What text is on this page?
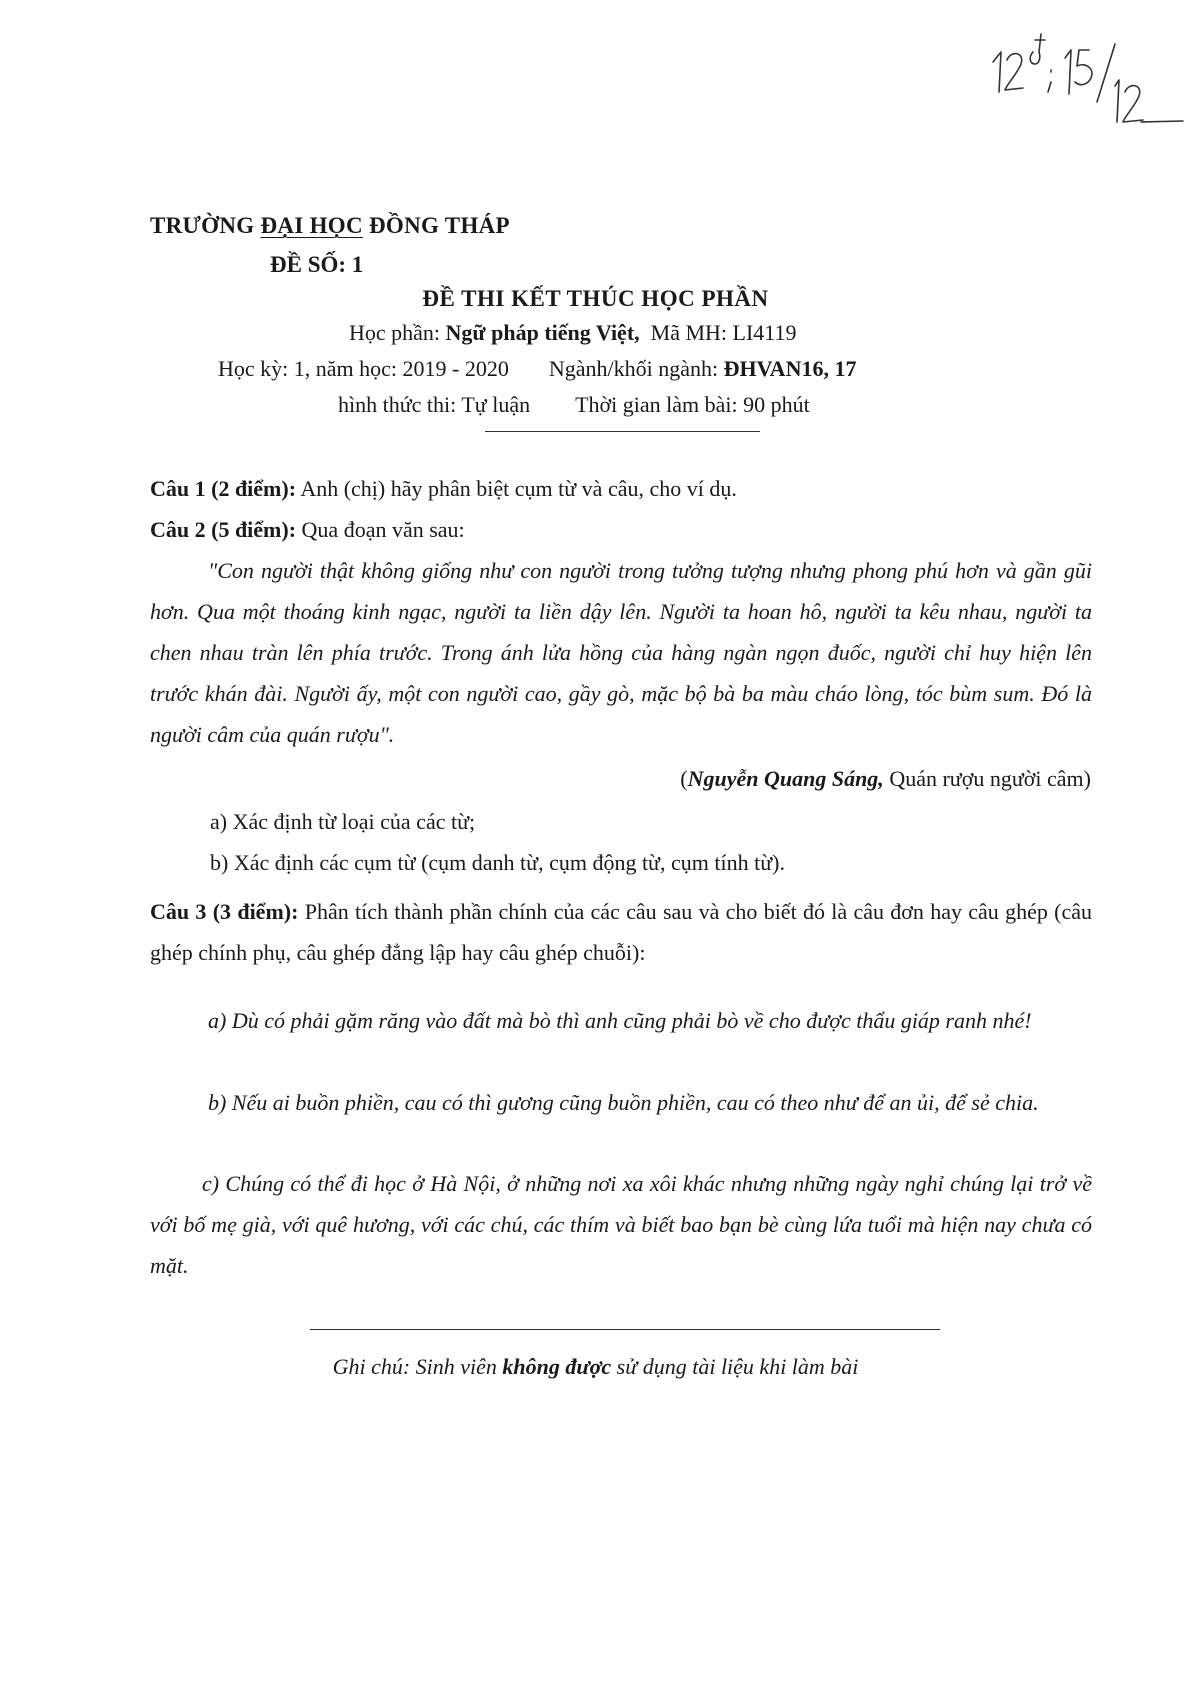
TRƯỜNG ĐẠI HỌC ĐỒNG THÁP
ĐỀ SỐ: 1
ĐỀ THI KẾT THÚC HỌC PHẦN
Học phần: Ngữ pháp tiếng Việt, Mã MH: LI4119
Học kỳ: 1, năm học: 2019 - 2020 Ngành/khối ngành: ĐHVAN16, 17
hình thức thi: Tự luận Thời gian làm bài: 90 phút
Câu 1 (2 điểm): Anh (chị) hãy phân biệt cụm từ và câu, cho ví dụ.
Câu 2 (5 điểm): Qua đoạn văn sau:
"Con người thật không giống như con người trong tưởng tượng nhưng phong phú hơn và gần gũi hơn. Qua một thoáng kinh ngạc, người ta liền dậy lên. Người ta hoan hô, người ta kêu nhau, người ta chen nhau tràn lên phía trước. Trong ánh lửa hồng của hàng ngàn ngọn đuốc, người chỉ huy hiện lên trước khán đài. Người ấy, một con người cao, gầy gò, mặc bộ bà ba màu cháo lòng, tóc bùm sum. Đó là người câm của quán rượu".
(Nguyễn Quang Sáng, Quán rượu người câm)
a) Xác định từ loại của các từ;
b) Xác định các cụm từ (cụm danh từ, cụm động từ, cụm tính từ).
Câu 3 (3 điểm): Phân tích thành phần chính của các câu sau và cho biết đó là câu đơn hay câu ghép (câu ghép chính phụ, câu ghép đẳng lập hay câu ghép chuỗi):
a) Dù có phải gặm răng vào đất mà bò thì anh cũng phải bò về cho được thẩu giáp ranh nhé!
b) Nếu ai buồn phiền, cau có thì gương cũng buồn phiền, cau có theo như để an ủi, để sẻ chia.
c) Chúng có thể đi học ở Hà Nội, ở những nơi xa xôi khác nhưng những ngày nghỉ chúng lại trở về với bố mẹ già, với quê hương, với các chú, các thím và biết bao bạn bè cùng lứa tuổi mà hiện nay chưa có mặt.
Ghi chú: Sinh viên không được sử dụng tài liệu khi làm bài
